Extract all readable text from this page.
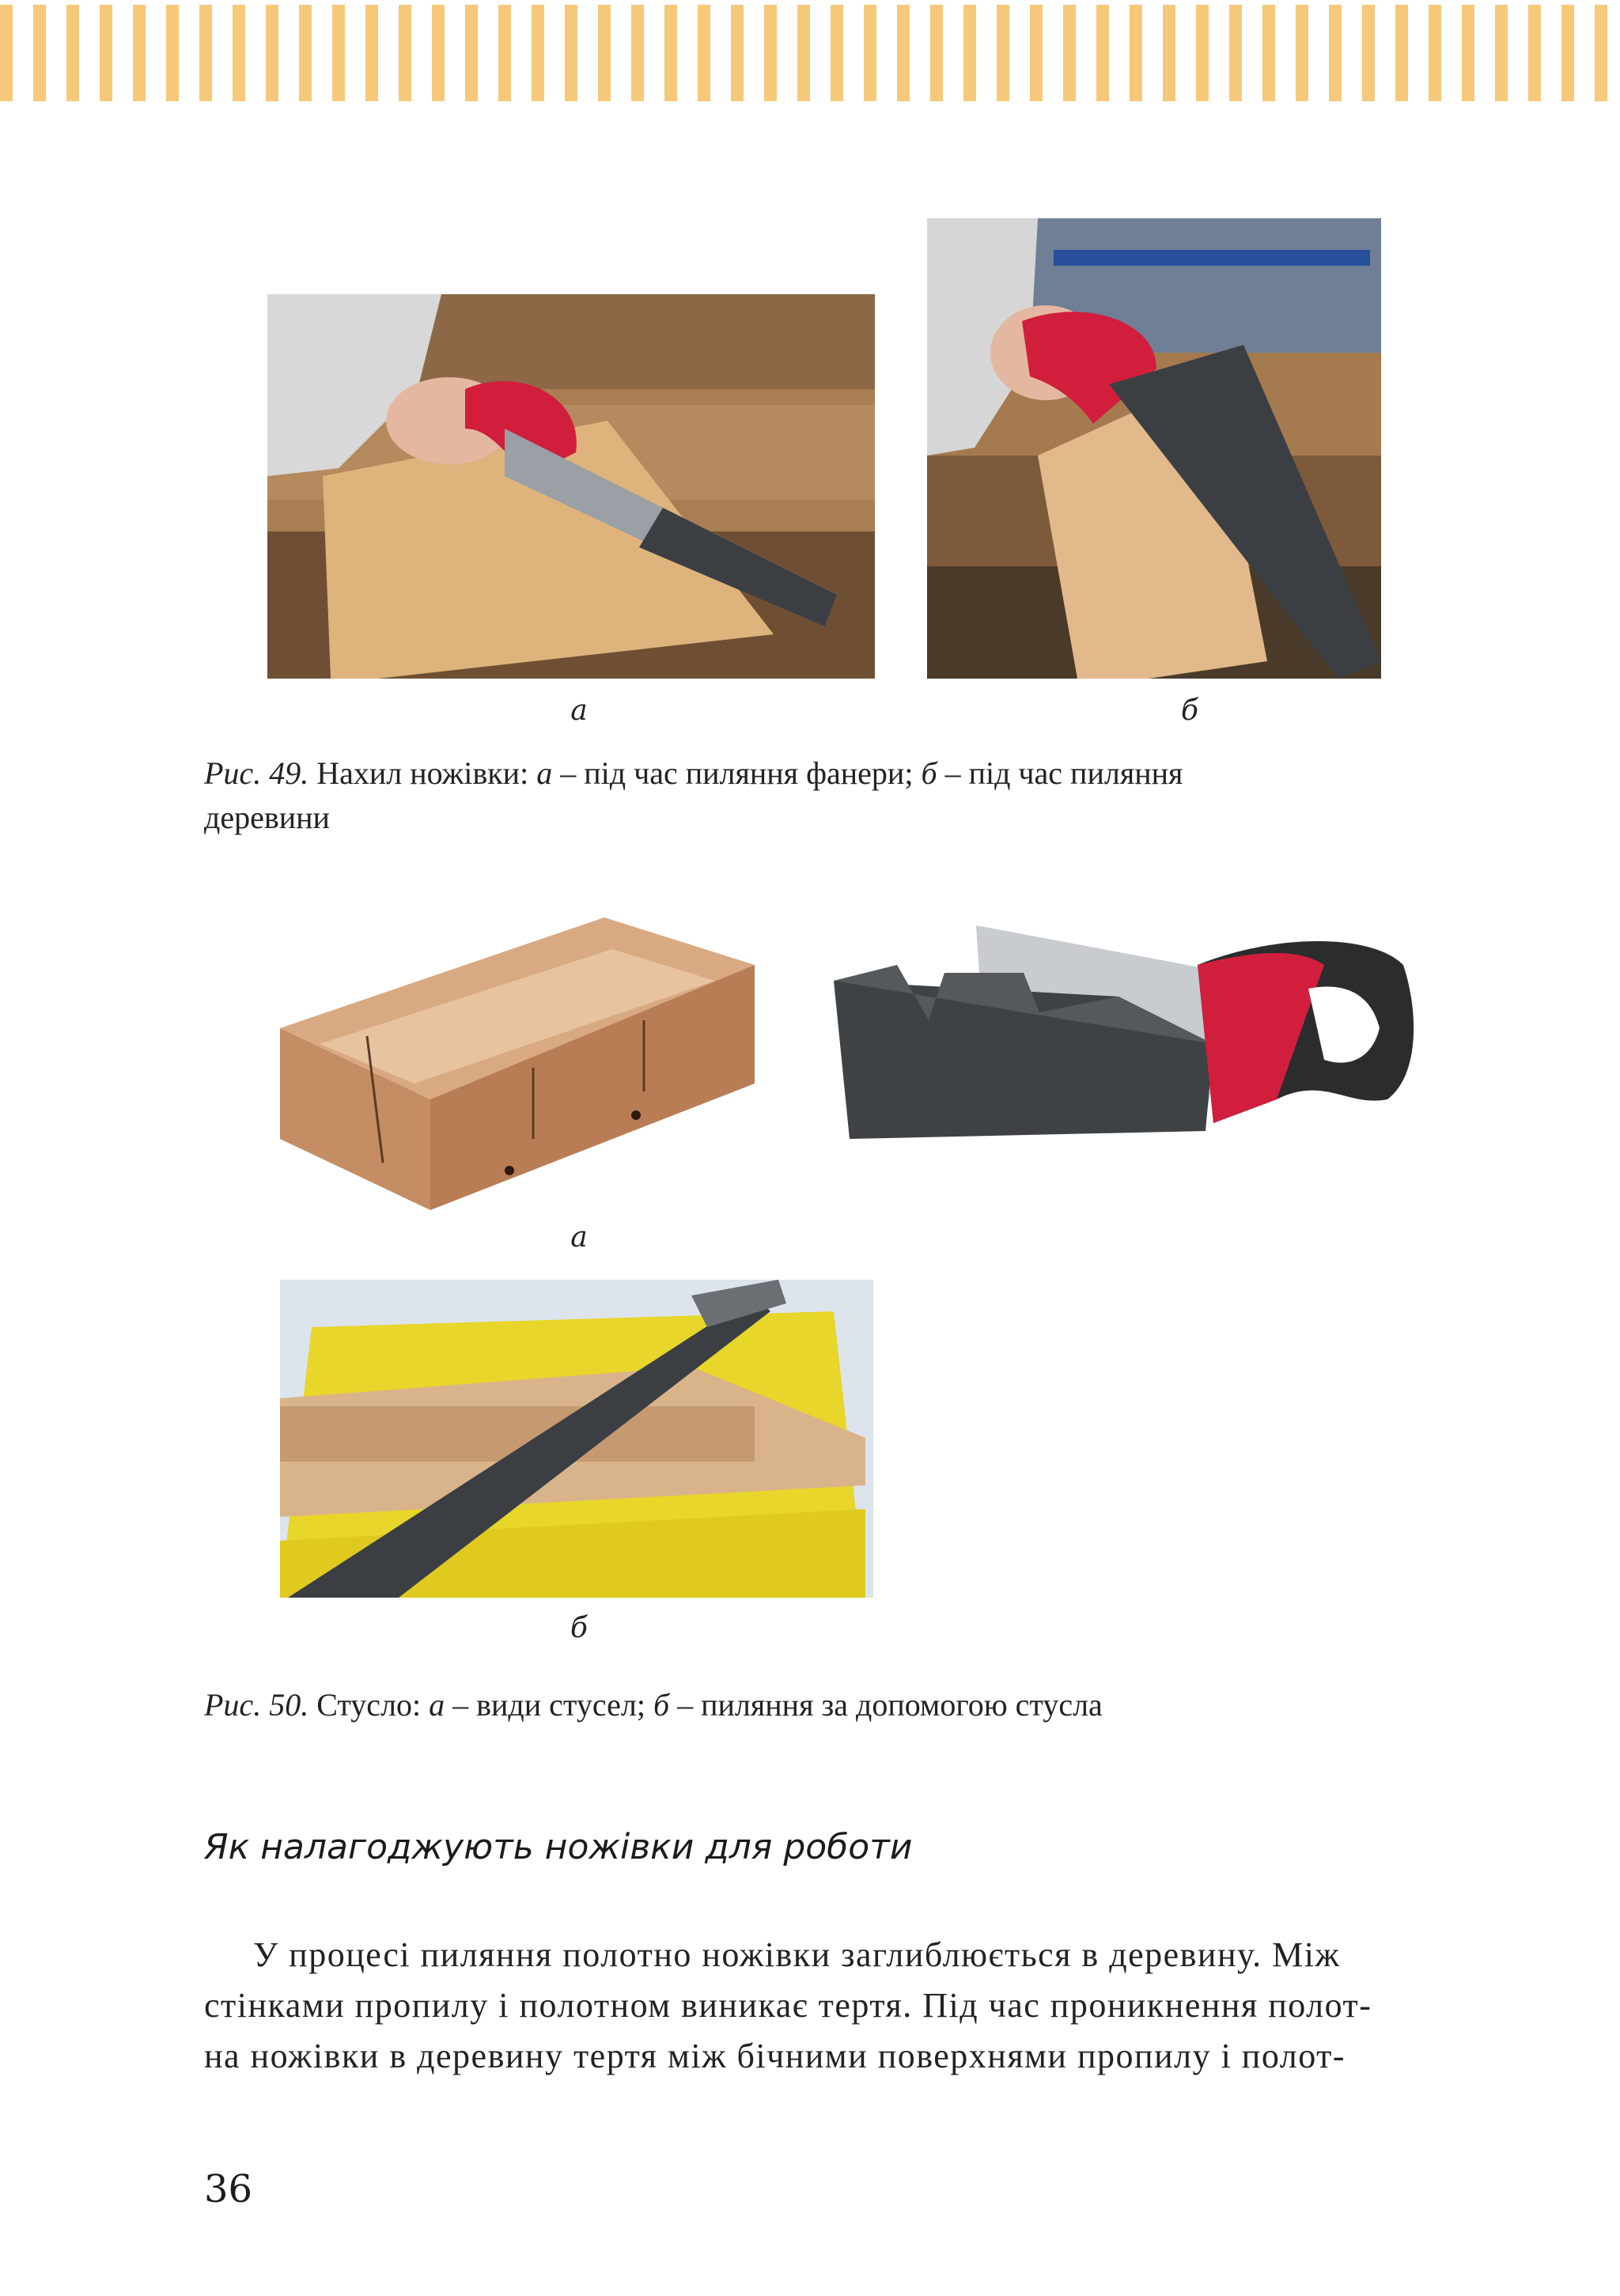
а	б
Рис. 49. Нахил ножівки: а – під час пиляння фанери; б – під час пиляння
деревини
а
б
Рис. 50. Стусло: а – види стусел; б – пиляння за допомогою стусла
Як налагоджують ножівки для роботи
У процесі пиляння полотно ножівки заглиблюється в деревину. Між
стінками пропилу і полотном виникає тертя. Під час проникнення полот-
на ножівки в деревину тертя між бічними поверхнями пропилу і полот-
36
